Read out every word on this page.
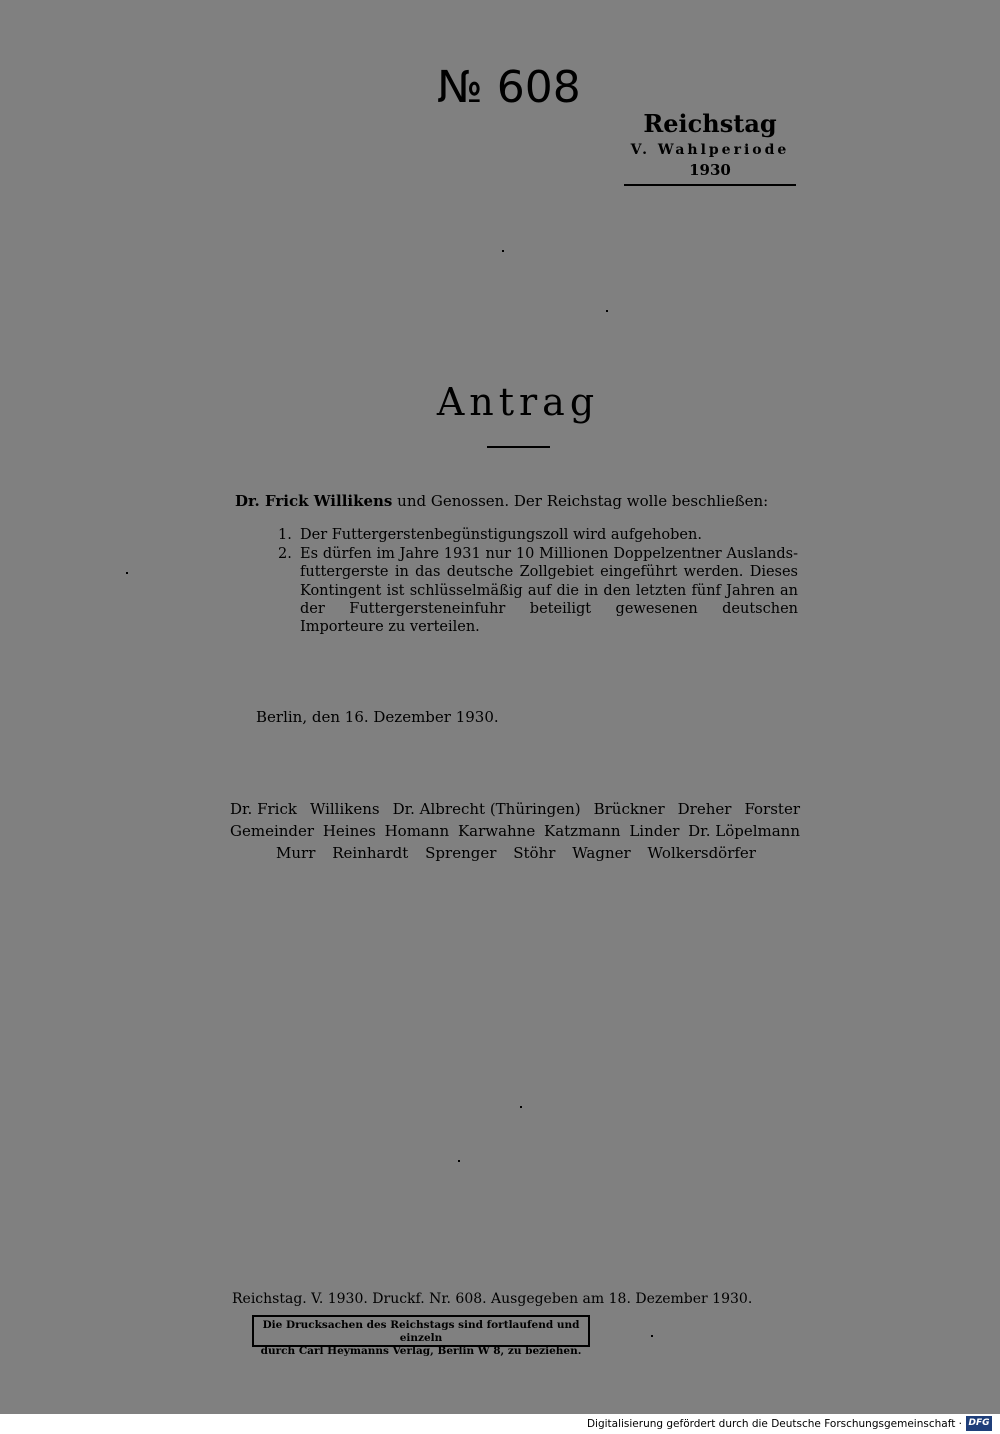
№ 608
Reichstag
V. Wahlperiode
1930
Antrag
Dr. Frick Willikens und Genossen. Der Reichstag wolle beschließen:
1. Der Futtergerstenbegünstigungszoll wird aufgehoben.
2. Es dürfen im Jahre 1931 nur 10 Millionen Doppelzentner Auslands-futtergerste in das deutsche Zollgebiet eingeführt werden. Dieses Kontingent ist schlüsselmäßig auf die in den letzten fünf Jahren an der Futtergersteneinfuhr beteiligt gewesenen deutschen Importeure zu verteilen.
Berlin, den 16. Dezember 1930.
Dr. Frick Willikens Dr. Albrecht (Thüringen) Brückner Dreher Forster
Gemeinder Heines Homann Karwahne Katzmann Linder Dr. Löpelmann
Murr Reinhardt Sprenger Stöhr Wagner Wolkersdörfer
Reichstag. V. 1930. Druckf. Nr. 608. Ausgegeben am 18. Dezember 1930.
Die Drucksachen des Reichstags sind fortlaufend und einzeln
durch Carl Heymanns Verlag, Berlin W 8, zu beziehen.
Digitalisierung gefördert durch die Deutsche Forschungsgemeinschaft · DFG
